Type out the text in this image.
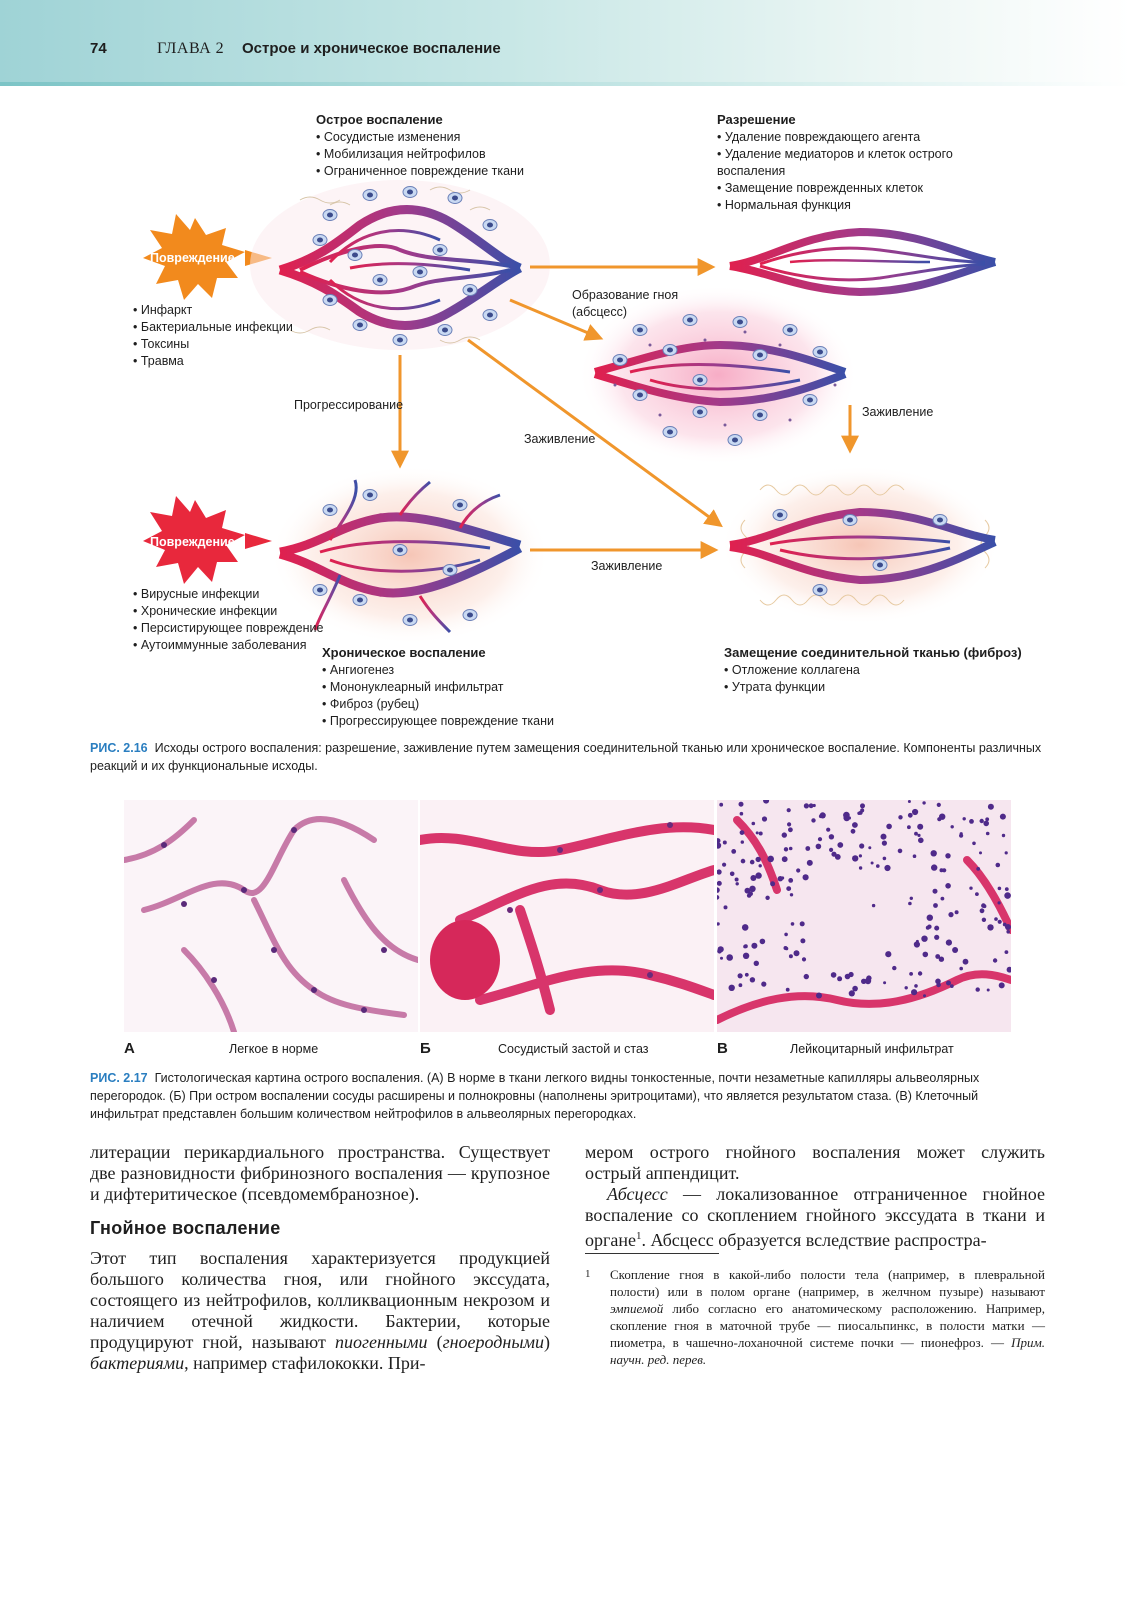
74	ГЛАВА 2 Острое и хроническое воспаление
Острое воспаление
• Сосудистые изменения
• Мобилизация нейтрофилов
• Ограниченное повреждение ткани
Разрешение
• Удаление повреждающего агента
• Удаление медиаторов и клеток острого воспаления
• Замещение поврежденных клеток
• Нормальная функция
Повреждение
• Инфаркт
• Бактериальные инфекции
• Токсины
• Травма
Образование гноя (абсцесс)
Прогрессирование
Заживление
Заживление
Заживление
Повреждение
• Вирусные инфекции
• Хронические инфекции
• Персистирующее повреждение
• Аутоиммунные заболевания	Хроническое воспаление
• Ангиогенез
• Мононуклеарный инфильтрат
• Фиброз (рубец)
• Прогрессирующее повреждение ткани
Замещение соединительной тканью (фиброз)
• Отложение коллагена
• Утрата функции
РИС. 2.16 Исходы острого воспаления: разрешение, заживление путем замещения соединительной тканью или хроническое воспаление. Компоненты различных реакций и их функциональные исходы.
А	Легкое в норме	Б	Сосудистый застой и стаз	В	Лейкоцитарный инфильтрат
РИС. 2.17 Гистологическая картина острого воспаления. (А) В норме в ткани легкого видны тонкостенные, почти незаметные капилляры альвеолярных перегородок. (Б) При остром воспалении сосуды расширены и полнокровны (наполнены эритроцитами), что является результатом стаза. (В) Клеточный инфильтрат представлен большим количеством нейтрофилов в альвеолярных перегородках.

литерации перикардиального пространства. Существует две разновидности фибринозного воспаления — крупозное и дифтеритическое (псевдомембранозное).

Гнойное воспаление

Этот тип воспаления характеризуется продукцией большого количества гноя, или гнойного экссудата, состоящего из нейтрофилов, колликвационным некрозом и наличием отечной жидкости. Бактерии, которые продуцируют гной, называют пиогенными (гноеродными) бактериями, например стафилококки. При-

мером острого гнойного воспаления может служить острый аппендицит.

Абсцесс — локализованное отграниченное гнойное воспаление со скоплением гнойного экссудата в ткани и органе$^1$. Абсцесс образуется вследствие распростра-

1	Скопление гноя в какой-либо полости тела (например, в плевральной полости) или в полом органе (например, в желчном пузыре) называют эмпиемой либо согласно его анатомическому расположению. Например, скопление гноя в маточной трубе — пиосальпинкс, в полости матки — пиометра, в чашечно-лоханочной системе почки — пионефроз. — Прим. научн. ред. перев.
